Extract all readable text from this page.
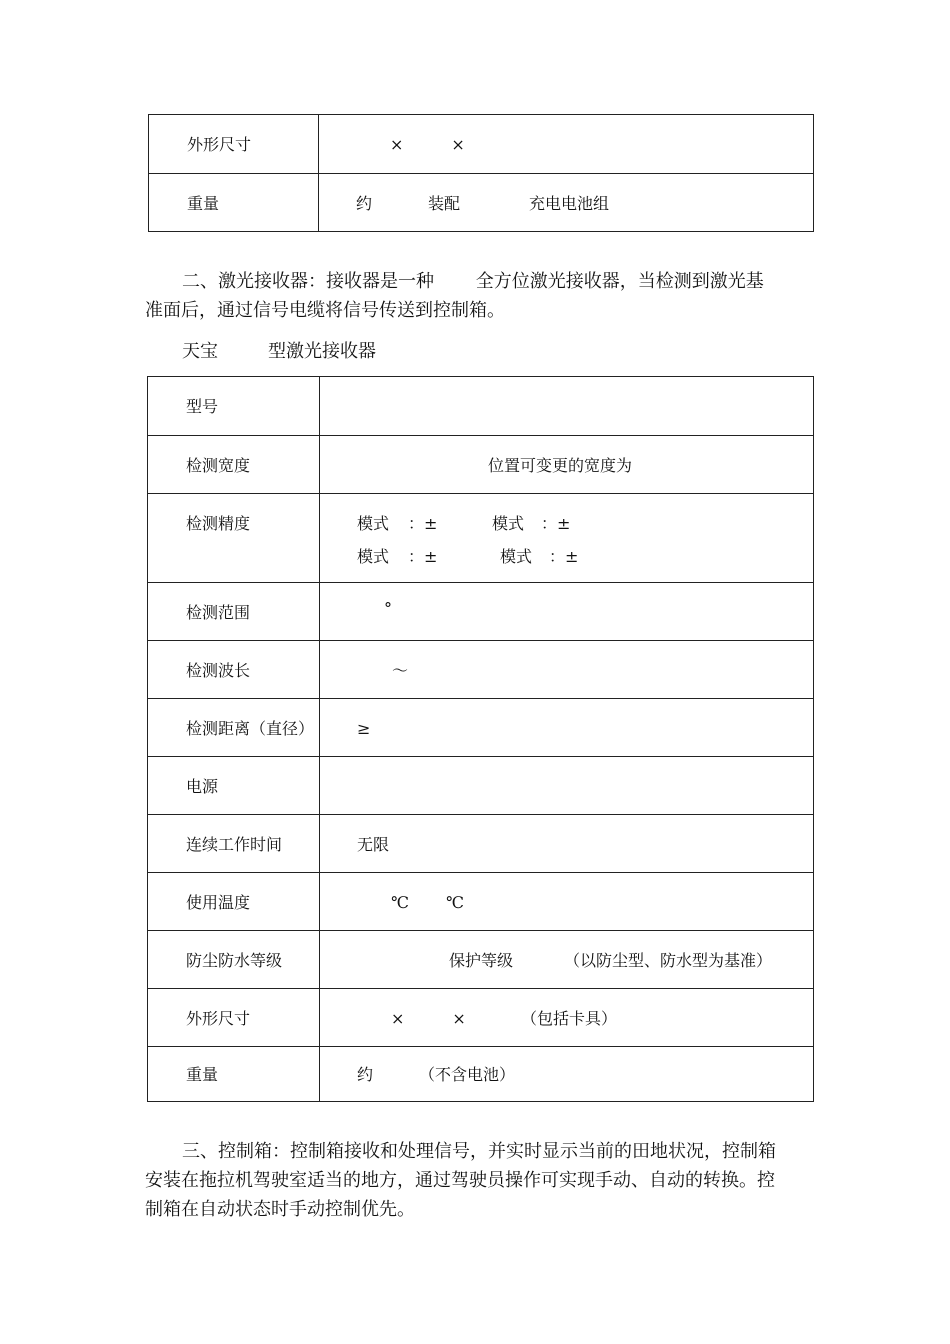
外形尺寸	×　　　×
重量	约	装配	充电电池组
二、激光接收器：接收器是一种　　 全方位激光接收器，当检测到激光基
准面后，通过信号电缆将信号传送到控制箱。
天宝	型激光接收器
型号
检测宽度	位置可变更的宽度为
检测精度	模式 ：±	模式 ：±
模式 ：±	模式 ：±
检测范围	°
检测波长	～
检测距离（直径）	≥
电源
连续工作时间	无限
使用温度	℃　　 ℃
防尘防水等级	保护等级	（以防尘型、防水型为基准）
外形尺寸	×　　　×	（包括卡具）
重量	约	（不含电池）
三、控制箱：控制箱接收和处理信号，并实时显示当前的田地状况，控制箱
安装在拖拉机驾驶室适当的地方，通过驾驶员操作可实现手动、自动的转换。控
制箱在自动状态时手动控制优先。
